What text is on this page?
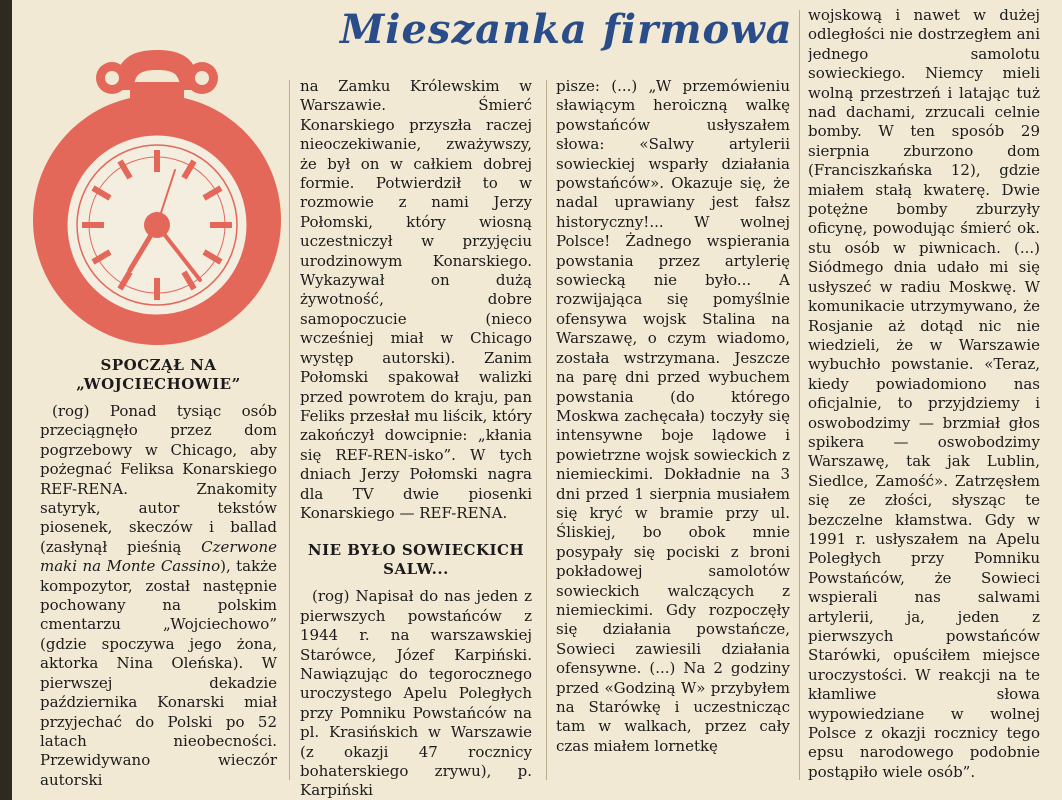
Mieszanka firmowa
SPOCZĄŁ NA
„WOJCIECHOWIE”

(rog) Ponad tysiąc osób przeciągnęło przez dom pogrzebowy w Chicago, aby pożegnać Feliksa Konarskiego REF-RENA. Znakomity satyryk, autor tekstów piosenek, skeczów i ballad (zasłynął pieśnią Czerwone maki na Monte Cassino), także kompozytor, został następnie pochowany na polskim cmentarzu „Wojciechowo” (gdzie spoczywa jego żona, aktorka Nina Oleńska). W pierwszej dekadzie października Konarski miał przyjechać do Polski po 52 latach nieobecności. Przewidywano wieczór autorski

na Zamku Królewskim w Warszawie. Śmierć Konarskiego przyszła raczej nieoczekiwanie, zważywszy, że był on w całkiem dobrej formie. Potwierdził to w rozmowie z nami Jerzy Połomski, który wiosną uczestniczył w przyjęciu urodzinowym Konarskiego. Wykazywał on dużą żywotność, dobre samopoczucie (nieco wcześniej miał w Chicago występ autorski). Zanim Połomski spakował walizki przed powrotem do kraju, pan Feliks przesłał mu liścik, który zakończył dowcipnie: „kłania się REF-REN-isko”. W tych dniach Jerzy Połomski nagra dla TV dwie piosenki Konarskiego — REF-RENA.

NIE BYŁO SOWIECKICH
SALW...

(rog) Napisał do nas jeden z pierwszych powstańców z 1944 r. na warszawskiej Starówce, Józef Karpiński. Nawiązując do tegorocznego uroczystego Apelu Poległych przy Pomniku Powstańców na pl. Krasińskich w Warszawie (z okazji 47 rocznicy bohaterskiego zrywu), p. Karpiński

pisze: (...) „W przemówieniu sławiącym heroiczną walkę powstańców usłyszałem słowa: «Salwy artylerii sowieckiej wsparły działania powstańców». Okazuje się, że nadal uprawiany jest fałsz historyczny!... W wolnej Polsce! Żadnego wspierania powstania przez artylerię sowiecką nie było... A rozwijająca się pomyślnie ofensywa wojsk Stalina na Warszawę, o czym wiadomo, została wstrzymana. Jeszcze na parę dni przed wybuchem powstania (do którego Moskwa zachęcała) toczyły się intensywne boje lądowe i powietrzne wojsk sowieckich z niemieckimi. Dokładnie na 3 dni przed 1 sierpnia musiałem się kryć w bramie przy ul. Śliskiej, bo obok mnie posypały się pociski z broni pokładowej samolotów sowieckich walczących z niemieckimi. Gdy rozpoczęły się działania powstańcze, Sowieci zawiesili działania ofensywne. (...) Na 2 godziny przed «Godziną W» przybyłem na Starówkę i uczestnicząc tam w walkach, przez cały czas miałem lornetkę

wojskową i nawet w dużej odległości nie dostrzegłem ani jednego samolotu sowieckiego. Niemcy mieli wolną przestrzeń i latając tuż nad dachami, zrzucali celnie bomby. W ten sposób 29 sierpnia zburzono dom (Franciszkańska 12), gdzie miałem stałą kwaterę. Dwie potężne bomby zburzyły oficynę, powodując śmierć ok. stu osób w piwnicach. (...) Siódmego dnia udało mi się usłyszeć w radiu Moskwę. W komunikacie utrzymywano, że Rosjanie aż dotąd nic nie wiedzieli, że w Warszawie wybuchło powstanie. «Teraz, kiedy powiadomiono nas oficjalnie, to przyjdziemy i oswobodzimy — brzmiał głos spikera — oswobodzimy Warszawę, tak jak Lublin, Siedlce, Zamość». Zatrzęsłem się ze złości, słysząc te bezczelne kłamstwa. Gdy w 1991 r. usłyszałem na Apelu Poległych przy Pomniku Powstańców, że Sowieci wspierali nas salwami artylerii, ja, jeden z pierwszych powstańców Starówki, opuściłem miejsce uroczystości. W reakcji na te kłamliwe słowa wypowiedziane w wolnej Polsce z okazji rocznicy tego epsu narodowego podobnie postąpiło wiele osób”.
